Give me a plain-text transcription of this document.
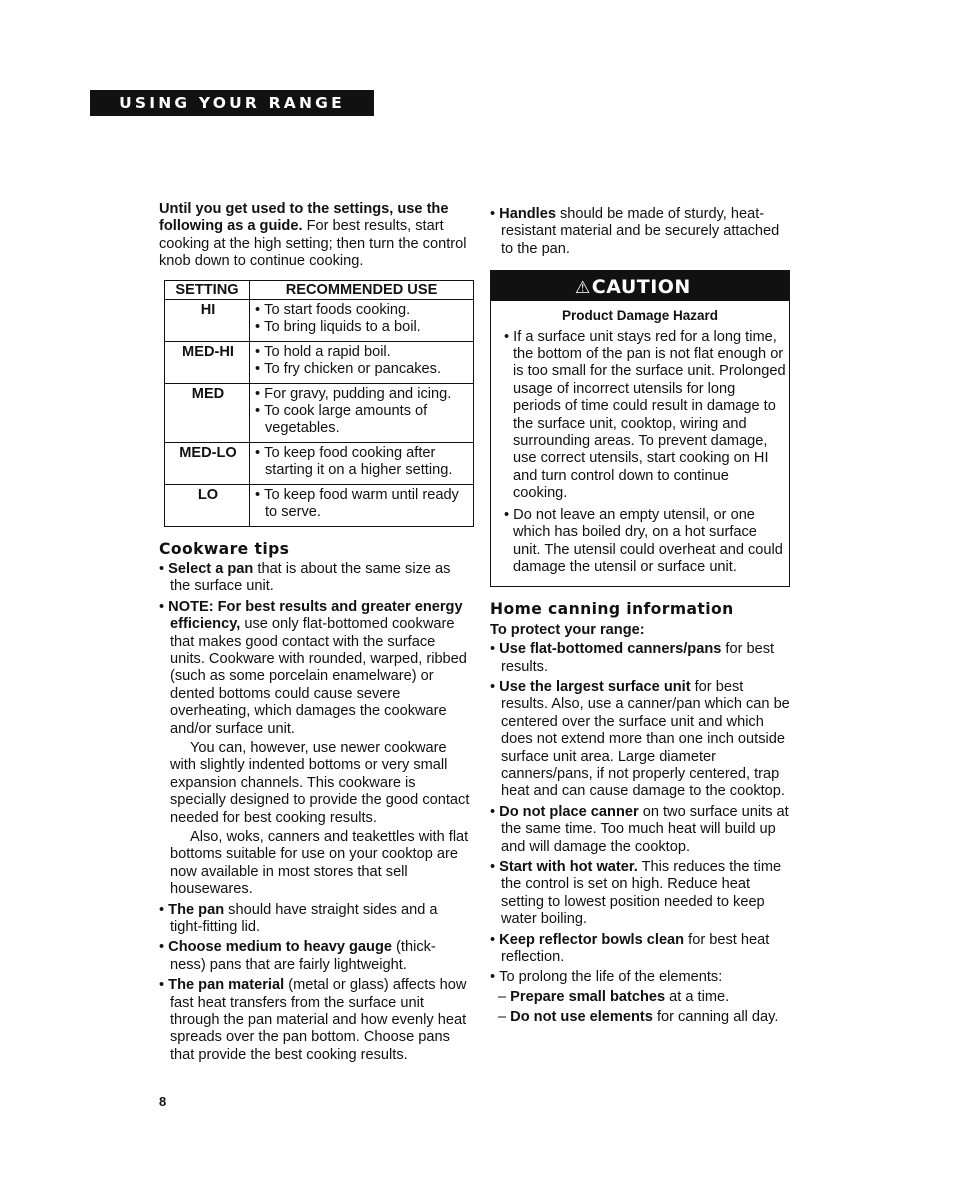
USING YOUR RANGE

Until you get used to the settings, use the following as a guide. For best results, start cooking at the high setting; then turn the control knob down to continue cooking.

SETTING	RECOMMENDED USE
HI	• To start foods cooking.
• To bring liquids to a boil.

MED-HI	• To hold a rapid boil.
• To fry chicken or pancakes.

MED	• For gravy, pudding and icing.
• To cook large amounts of vegetables.

MED-LO	• To keep food cooking after starting it on a higher setting.

LO	• To keep food warm until ready to serve.
Cookware tips
• Select a pan that is about the same size as the surface unit.
• NOTE: For best results and greater energy efficiency, use only flat-bottomed cookware that makes good contact with the surface units. Cookware with rounded, warped, ribbed (such as some porcelain enamelware) or dented bottoms could cause severe overheating, which damages the cookware and/or surface unit.

You can, however, use newer cookware with slightly indented bottoms or very small expansion channels. This cookware is specially designed to provide the good contact needed for best cooking results.

Also, woks, canners and teakettles with flat bottoms suitable for use on your cooktop are now available in most stores that sell housewares.

• The pan should have straight sides and a tight-fitting lid.
• Choose medium to heavy gauge (thick-ness) pans that are fairly lightweight.
• The pan material (metal or glass) affects how fast heat transfers from the surface unit through the pan material and how evenly heat spreads over the pan bottom. Choose pans that provide the best cooking results.
• Handles should be made of sturdy, heat-resistant material and be securely attached to the pan.
⚠CAUTION
Product Damage Hazard
• If a surface unit stays red for a long time, the bottom of the pan is not flat enough or is too small for the surface unit. Prolonged usage of incorrect utensils for long periods of time could result in damage to the surface unit, cooktop, wiring and surrounding areas. To prevent damage, use correct utensils, start cooking on HI and turn control down to continue cooking.
• Do not leave an empty utensil, or one which has boiled dry, on a hot surface unit. The utensil could overheat and could damage the utensil or surface unit.
Home canning information

To protect your range:

• Use flat-bottomed canners/pans for best results.
• Use the largest surface unit for best results. Also, use a canner/pan which can be centered over the surface unit and which does not extend more than one inch outside surface unit area. Large diameter canners/pans, if not properly centered, trap heat and can cause damage to the cooktop.
• Do not place canner on two surface units at the same time. Too much heat will build up and will damage the cooktop.
• Start with hot water. This reduces the time the control is set on high. Reduce heat setting to lowest position needed to keep water boiling.
• Keep reflector bowls clean for best heat reflection.
• To prolong the life of the elements:
– Prepare small batches at a time.
– Do not use elements for canning all day.
8
